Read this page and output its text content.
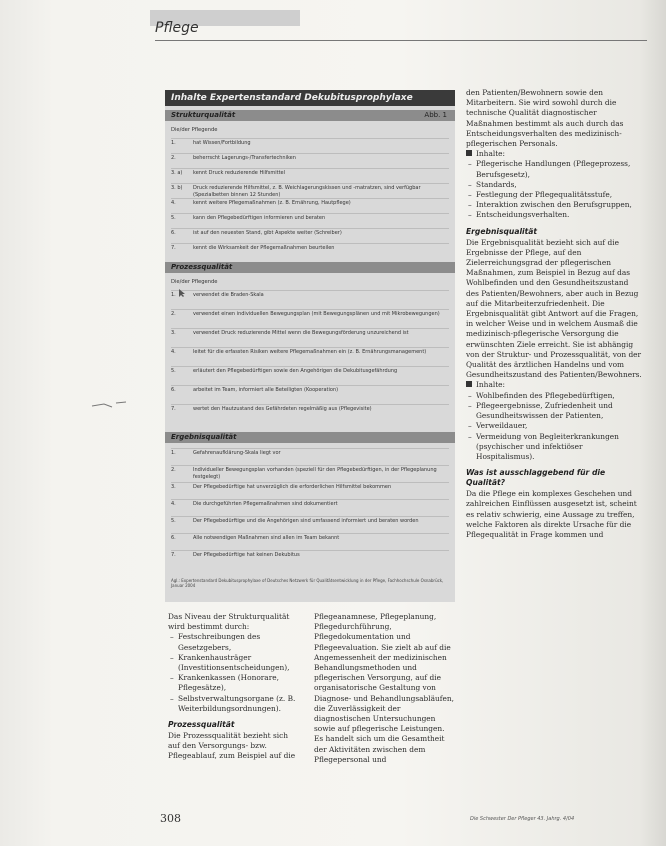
Pflege
Inhalte Expertenstandard Dekubitusprophylaxe
Strukturqualität	Abb. 1
Die/der Pflegende
1.	hat Wissen/Fortbildung
2.	beherrscht Lagerungs-/Transfertechniken
3. a)	kennt Druck reduzierende Hilfsmittel
3. b)	Druck reduzierende Hilfsmittel, z. B. Weichlagerungskissen und -matratzen, sind verfügbar (Spezialbetten binnen 12 Stunden)
4.	kennt weitere Pflegemaßnahmen (z. B. Ernährung, Hautpflege)
5.	kann den Pflegebedürftigen informieren und beraten
6.	ist auf den neuesten Stand, gibt Aspekte weiter (Schreiber)
7.	kennt die Wirksamkeit der Pflegemaßnahmen beurteilen
Prozessqualität
Die/der Pflegende
1.	verwendet die Braden-Skala
2.	verwendet einen individuellen Bewegungsplan (mit Bewegungsplänen und mit Mikrobewegungen)
3.	verwendet Druck reduzierende Mittel wenn die Bewegungsförderung unzureichend ist
4.	leitet für die erfassten Risiken weitere Pflegemaßnahmen ein (z. B. Ernährungsmanagement)
5.	erläutert den Pflegebedürftigen sowie den Angehörigen die Dekubitusgefährdung
6.	arbeitet im Team, informiert alle Beteiligten (Kooperation)
7.	wertet den Hautzustand des Gefährdeten regelmäßig aus (Pflegevisite)
Ergebnisqualität
1.	Gefahrenaufklärung-Skala liegt vor
2.	Individueller Bewegungsplan vorhanden (speziell für den Pflegebedürftigen, in der Pflegeplanung festgelegt)
3.	Der Pflegebedürftige hat unverzüglich die erforderlichen Hilfsmittel bekommen
4.	Die durchgeführten Pflegemaßnahmen sind dokumentiert
5.	Der Pflegebedürftige und die Angehörigen sind umfassend informiert und beraten worden
6.	Alle notwendigen Maßnahmen sind allen im Team bekannt
7.	Der Pflegebedürftige hat keinen Dekubitus
Agl.: Expertenstandard Dekubitusprophylaxe of Deutsches Netzwerk für Qualitätsentwicklung in der Pflege, Fachhochschule Osnabrück, Januar 2004

den Patienten/Bewohnern sowie den Mitarbeitern. Sie wird sowohl durch die technische Qualität diagnostischer Maßnahmen bestimmt als auch durch das Entscheidungsverhalten des medizinisch-pflegerischen Personals.

Inhalte:

– Pflegerische Handlungen (Pflegeprozess, Berufsgesetz),
– Standards,
– Festlegung der Pflegequalitätsstufe,
– Interaktion zwischen den Berufsgruppen,
– Entscheidungsverhalten.
Ergebnisqualität

Die Ergebnisqualität bezieht sich auf die Ergebnisse der Pflege, auf den Zielerreichungsgrad der pflegerischen Maßnahmen, zum Beispiel in Bezug auf das Wohlbefinden und den Gesundheitszustand des Patienten/Bewohners, aber auch in Bezug auf die Mitarbeiterzufriedenheit. Die Ergebnisqualität gibt Antwort auf die Fragen, in welcher Weise und in welchem Ausmaß die medizinisch-pflegerische Versorgung die erwünschten Ziele erreicht. Sie ist abhängig von der Struktur- und Prozessqualität, von der Qualität des ärztlichen Handelns und vom Gesundheitszustand des Patienten/Bewohners.

Inhalte:

– Wohlbefinden des Pflegebedürftigen,
– Pflegeergebnisse, Zufriedenheit und Gesundheitswissen der Patienten,
– Verweildauer,
– Vermeidung von Begleiterkrankungen (psychischer und infektiöser Hospitalismus).
Was ist ausschlaggebend für die Qualität?

Da die Pflege ein komplexes Geschehen und zahlreichen Einflüssen ausgesetzt ist, scheint es relativ schwierig, eine Aussage zu treffen, welche Faktoren als direkte Ursache für die Pflegequalität in Frage kommen und

Das Niveau der Strukturqualität wird bestimmt durch:

– Festschreibungen des Gesetzgebers,
– Krankenhausträger (Investitionsentscheidungen),
– Krankenkassen (Honorare, Pflegesätze),
– Selbstverwaltungsorgane (z. B. Weiterbildungsordnungen).
Prozessqualität

Die Prozessqualität bezieht sich auf den Versorgungs- bzw. Pflegeablauf, zum Beispiel auf die

Pflegeanamnese, Pflegeplanung, Pflegedurchführung, Pflegedokumentation und Pflegeevaluation. Sie zielt ab auf die Angemessenheit der medizinischen Behandlungsmethoden und pflegerischen Versorgung, auf die organisatorische Gestaltung von Diagnose- und Behandlungsabläufen, die Zuverlässigkeit der diagnostischen Untersuchungen sowie auf pflegerische Leistungen. Es handelt sich um die Gesamtheit der Aktivitäten zwischen dem Pflegepersonal und

308	Die Schwester Der Pfleger 43. Jahrg. 4/04
